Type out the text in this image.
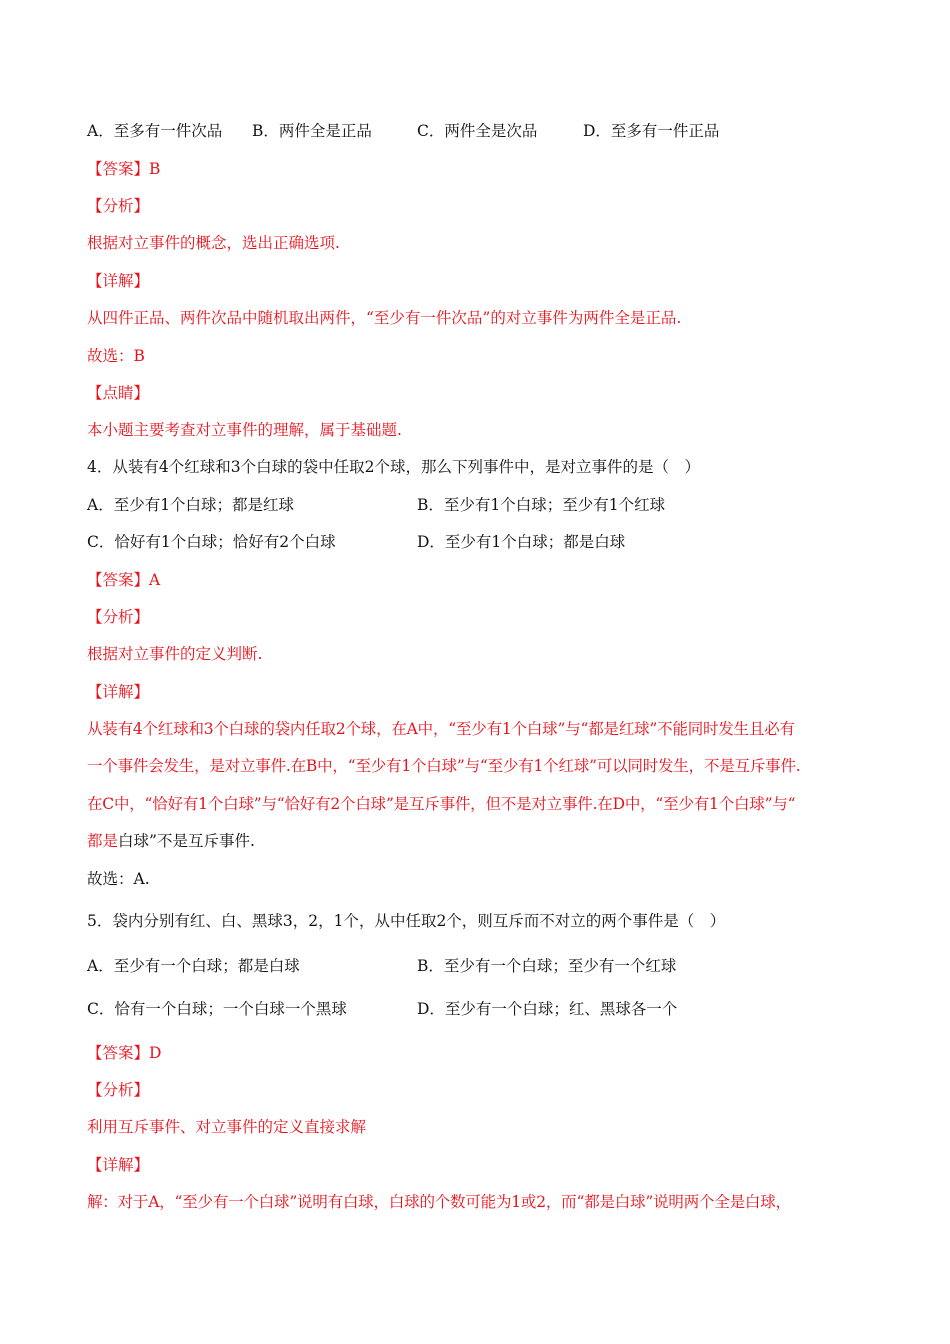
A．至多有一件次品 B．两件全是正品	C．两件全是次品	D．至多有一件正品
【答案】B
【分析】
根据对立事件的概念，选出正确选项.
【详解】
从四件正品、两件次品中随机取出两件，“至少有一件次品”的对立事件为两件全是正品.
故选：B
【点睛】
本小题主要考查对立事件的理解，属于基础题.
4．从装有4个红球和3个白球的袋中任取2个球，那么下列事件中，是对立事件的是（　）
A．至少有1个白球；都是红球	B．至少有1个白球；至少有1个红球
C．恰好有1个白球；恰好有2个白球	D．至少有1个白球；都是白球
【答案】A
【分析】
根据对立事件的定义判断.
【详解】
从装有4个红球和3个白球的袋内任取2个球，在A中，“至少有1个白球”与“都是红球”不能同时发生且必有
一个事件会发生，是对立事件.在B中，“至少有1个白球”与“至少有1个红球”可以同时发生，不是互斥事件.
在C中，“恰好有1个白球”与“恰好有2个白球”是互斥事件，但不是对立事件.在D中，“至少有1个白球”与“
都是白球”不是互斥事件.
故选：A.
5．袋内分别有红、白、黑球3，2，1个，从中任取2个，则互斥而不对立的两个事件是（　）
A．至少有一个白球；都是白球	B．至少有一个白球；至少有一个红球
C．恰有一个白球；一个白球一个黑球	D．至少有一个白球；红、黑球各一个
【答案】D
【分析】
利用互斥事件、对立事件的定义直接求解
【详解】
解：对于A，“至少有一个白球”说明有白球，白球的个数可能为1或2，而“都是白球”说明两个全是白球，
